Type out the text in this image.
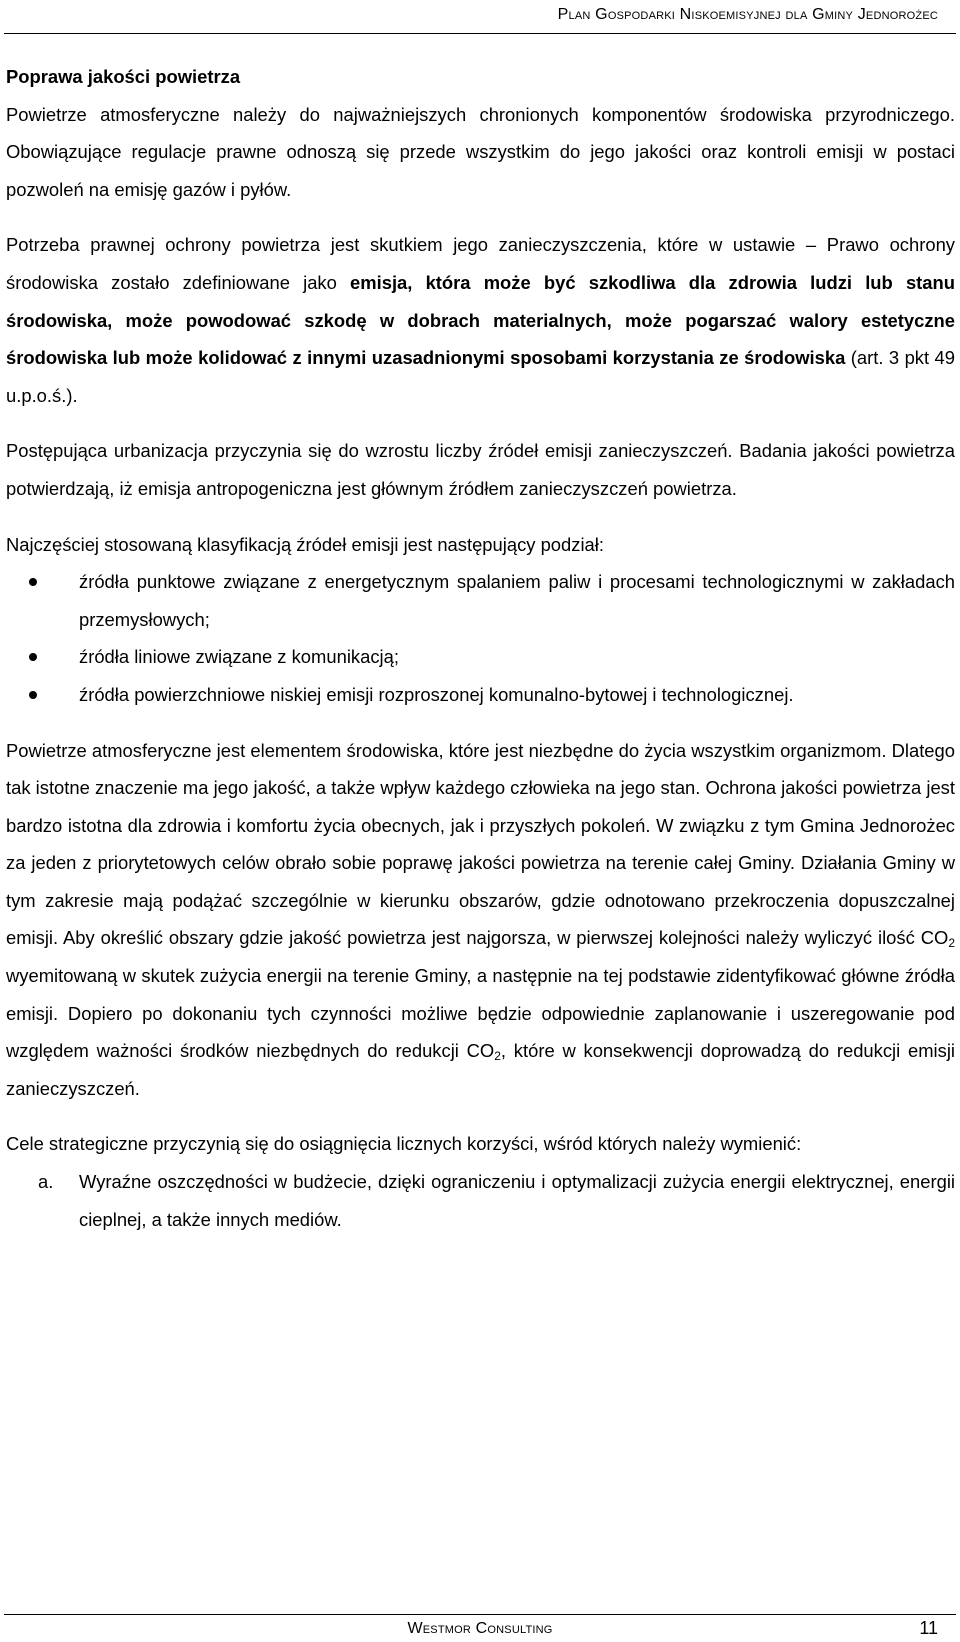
Plan Gospodarki Niskoemisyjnej dla Gminy Jednorożec

Poprawa jakości powietrza

Powietrze atmosferyczne należy do najważniejszych chronionych komponentów środowiska przyrodniczego. Obowiązujące regulacje prawne odnoszą się przede wszystkim do jego jakości oraz kontroli emisji w postaci pozwoleń na emisję gazów i pyłów.

Potrzeba prawnej ochrony powietrza jest skutkiem jego zanieczyszczenia, które w ustawie – Prawo ochrony środowiska zostało zdefiniowane jako emisja, która może być szkodliwa dla zdrowia ludzi lub stanu środowiska, może powodować szkodę w dobrach materialnych, może pogarszać walory estetyczne środowiska lub może kolidować z innymi uzasadnionymi sposobami korzystania ze środowiska (art. 3 pkt 49 u.p.o.ś.).

Postępująca urbanizacja przyczynia się do wzrostu liczby źródeł emisji zanieczyszczeń. Badania jakości powietrza potwierdzają, iż emisja antropogeniczna jest głównym źródłem zanieczyszczeń powietrza.

Najczęściej stosowaną klasyfikacją źródeł emisji jest następujący podział:

źródła punktowe związane z energetycznym spalaniem paliw i procesami technologicznymi w zakładach przemysłowych;
źródła liniowe związane z komunikacją;
źródła powierzchniowe niskiej emisji rozproszonej komunalno-bytowej i technologicznej.

Powietrze atmosferyczne jest elementem środowiska, które jest niezbędne do życia wszystkim organizmom. Dlatego tak istotne znaczenie ma jego jakość, a także wpływ każdego człowieka na jego stan. Ochrona jakości powietrza jest bardzo istotna dla zdrowia i komfortu życia obecnych, jak i przyszłych pokoleń. W związku z tym Gmina Jednorożec za jeden z priorytetowych celów obrało sobie poprawę jakości powietrza na terenie całej Gminy. Działania Gminy w tym zakresie mają podążać szczególnie w kierunku obszarów, gdzie odnotowano przekroczenia dopuszczalnej emisji. Aby określić obszary gdzie jakość powietrza jest najgorsza, w pierwszej kolejności należy wyliczyć ilość $CO_2$ wyemitowaną w skutek zużycia energii na terenie Gminy, a następnie na tej podstawie zidentyfikować główne źródła emisji. Dopiero po dokonaniu tych czynności możliwe będzie odpowiednie zaplanowanie i uszeregowanie pod względem ważności środków niezbędnych do redukcji $CO_2$, które w konsekwencji doprowadzą do redukcji emisji zanieczyszczeń.

Cele strategiczne przyczynią się do osiągnięcia licznych korzyści, wśród których należy wymienić:

a. Wyraźne oszczędności w budżecie, dzięki ograniczeniu i optymalizacji zużycia energii elektrycznej, energii cieplnej, a także innych mediów.
Westmor Consulting	11
